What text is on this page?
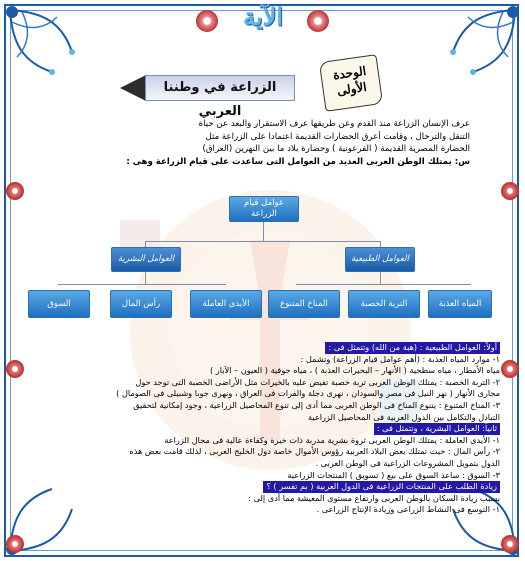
الآية
الوحدة
الأولى
الزراعة في وطننا العربي
عرف الإنسان الزراعة منذ القدم وعن طريقها عرف الاستقرار والبعد عن حياة
التنقل والترحال ، وقامت أعرق الحضارات القديمة اعتمادا على الزراعة مثل
الحضارة المصرية القديمة ( الفرعونية ) وحضارة بلاد ما بين النهرين (العراق)
س: يمتلك الوطن العربى العديد من العوامل التى ساعدت على قيام الزراعة وهى :
عوامل قيام الزراعة
العوامل البشرية	العوامل الطبيعية
السوق	رأس المال	الأيدى العاملة	المناخ المتنوع	التربة الخصبة	المياه العذبة
أولاً: العوامل الطبيعية : (هبة من الله) وتتمثل فى :
١- موارد المياه العذبة : (أهم عوامل قيام الزراعة) وتشمل :
مياه الأمطار ، مياه سطحية ( الأنهار – البحيرات العذبة ) ، مياه جوفية ( العيون – الآبار )
٢- التربة الخصبة : يمتلك الوطن العربى تربة خصبة تفيض عليه بالخيرات مثل الأراضى الخصبة التى توجد حول
مجارى الأنهار ( نهر النيل فى مصر والسودان ، نهرى دجلة والفرات فى العراق ، ونهرى جوبا وشبيلى فى الصومال )
٣- المناخ المتنوع : يتنوع المناخ فى الوطن العربى مما أدى إلى تنوع المحاصيل الزراعية ، وجود إمكانية لتحقيق
التبادل والتكامل بين الدول العربية فى المحاصيل الزراعية
ثانياً: العوامل البشرية ، وتتمثل فى :
١- الأيدى العاملة : يمتلك الوطن العربى ثروة بشرية مدربة ذات خبرة وكفاءة عالية فى مجال الزراعة
٢- رأس المال : حيث تمتلك بعض البلاد العربية رؤوس الأموال خاصة دول الخليج العربى ، لذلك قامت بعض هذه
الدول بتمويل المشروعات الزراعية فى الوطن العربى .
٣- السوق : ساعد السوق على بيع ( تسويق ) المنتجات الزراعية
زيادة الطلب على المنتجات الزراعية فى الدول العربية ( بم تفسر ) ؟
بسبب زيادة السكان بالوطن العربى وارتفاع مستوى المعيشة مما أدى إلى :
١- التوسع فى النشاط الزراعى وزيادة الإنتاج الزراعى .
